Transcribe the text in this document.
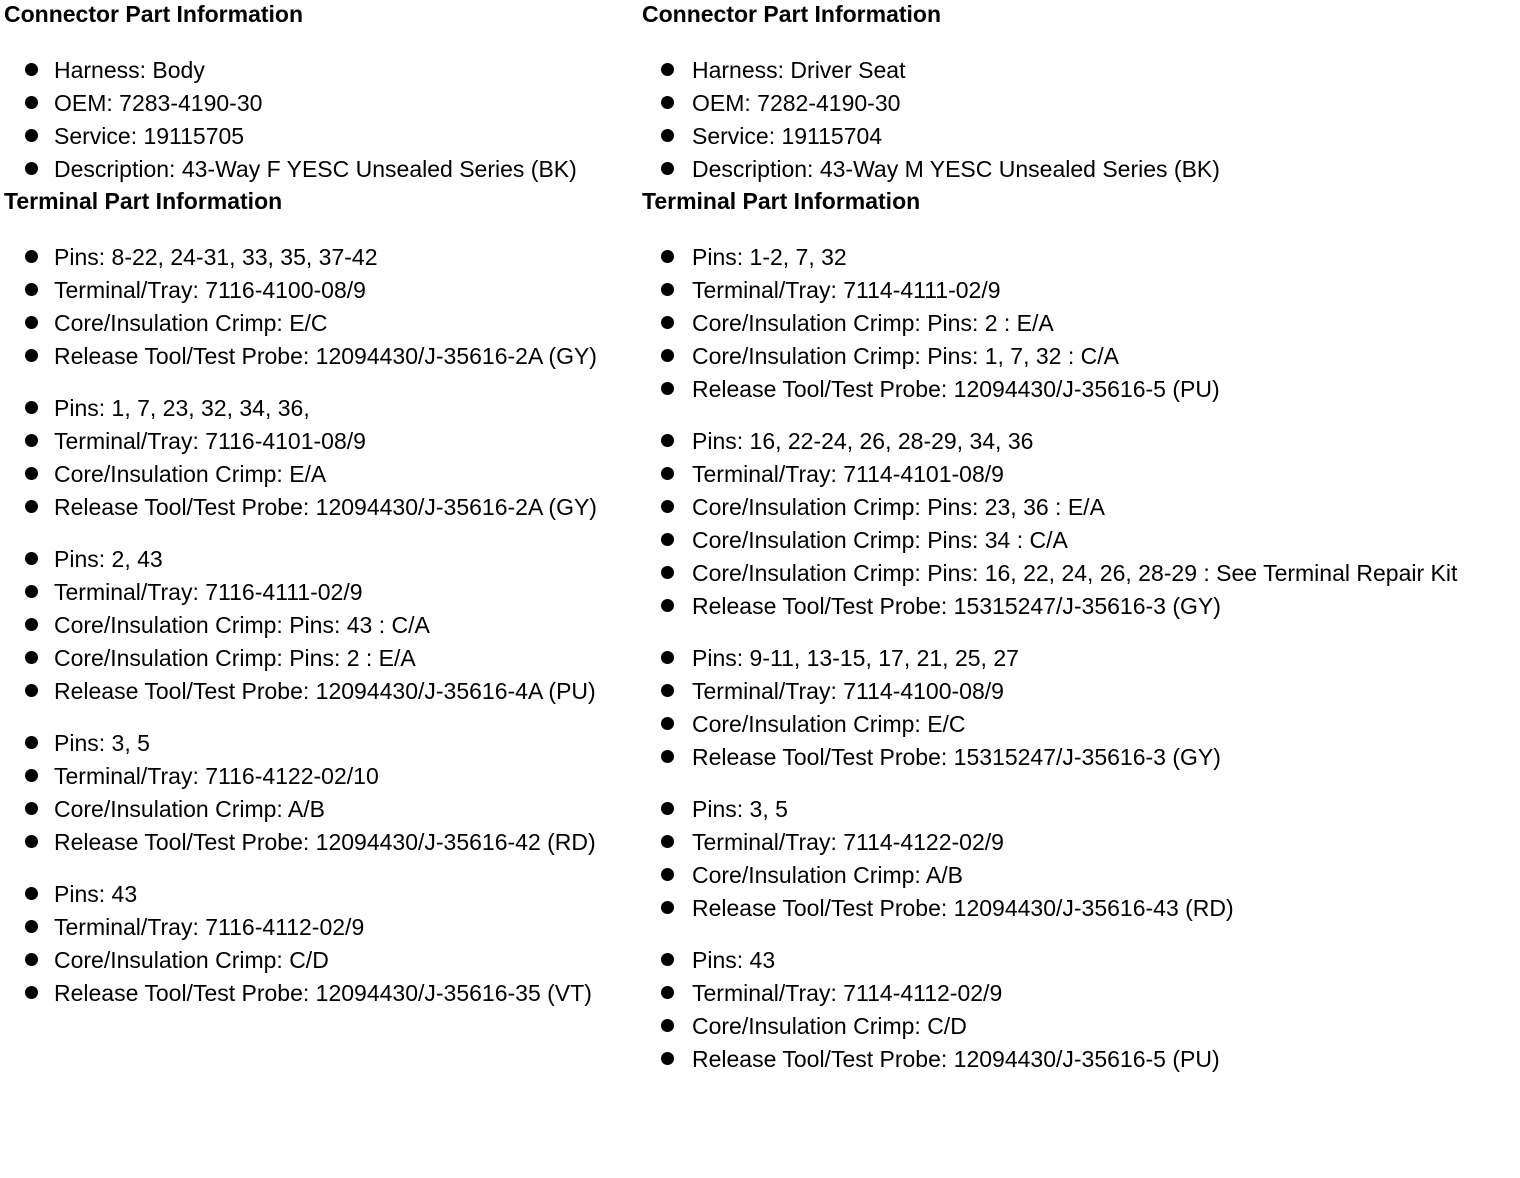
Connector Part Information
Harness: Body
OEM: 7283-4190-30
Service: 19115705
Description: 43-Way F YESC Unsealed Series (BK)
Terminal Part Information
Pins: 8-22, 24-31, 33, 35, 37-42
Terminal/Tray: 7116-4100-08/9
Core/Insulation Crimp: E/C
Release Tool/Test Probe: 12094430/J-35616-2A (GY)
Pins: 1, 7, 23, 32, 34, 36,
Terminal/Tray: 7116-4101-08/9
Core/Insulation Crimp: E/A
Release Tool/Test Probe: 12094430/J-35616-2A (GY)
Pins: 2, 43
Terminal/Tray: 7116-4111-02/9
Core/Insulation Crimp: Pins: 43 : C/A
Core/Insulation Crimp: Pins: 2 : E/A
Release Tool/Test Probe: 12094430/J-35616-4A (PU)
Pins: 3, 5
Terminal/Tray: 7116-4122-02/10
Core/Insulation Crimp: A/B
Release Tool/Test Probe: 12094430/J-35616-42 (RD)
Pins: 43
Terminal/Tray: 7116-4112-02/9
Core/Insulation Crimp: C/D
Release Tool/Test Probe: 12094430/J-35616-35 (VT)
Connector Part Information
Harness: Driver Seat
OEM: 7282-4190-30
Service: 19115704
Description: 43-Way M YESC Unsealed Series (BK)
Terminal Part Information
Pins: 1-2, 7, 32
Terminal/Tray: 7114-4111-02/9
Core/Insulation Crimp: Pins: 2 : E/A
Core/Insulation Crimp: Pins: 1, 7, 32 : C/A
Release Tool/Test Probe: 12094430/J-35616-5 (PU)
Pins: 16, 22-24, 26, 28-29, 34, 36
Terminal/Tray: 7114-4101-08/9
Core/Insulation Crimp: Pins: 23, 36 : E/A
Core/Insulation Crimp: Pins: 34 : C/A
Core/Insulation Crimp: Pins: 16, 22, 24, 26, 28-29 : See Terminal Repair Kit
Release Tool/Test Probe: 15315247/J-35616-3 (GY)
Pins: 9-11, 13-15, 17, 21, 25, 27
Terminal/Tray: 7114-4100-08/9
Core/Insulation Crimp: E/C
Release Tool/Test Probe: 15315247/J-35616-3 (GY)
Pins: 3, 5
Terminal/Tray: 7114-4122-02/9
Core/Insulation Crimp: A/B
Release Tool/Test Probe: 12094430/J-35616-43 (RD)
Pins: 43
Terminal/Tray: 7114-4112-02/9
Core/Insulation Crimp: C/D
Release Tool/Test Probe: 12094430/J-35616-5 (PU)
